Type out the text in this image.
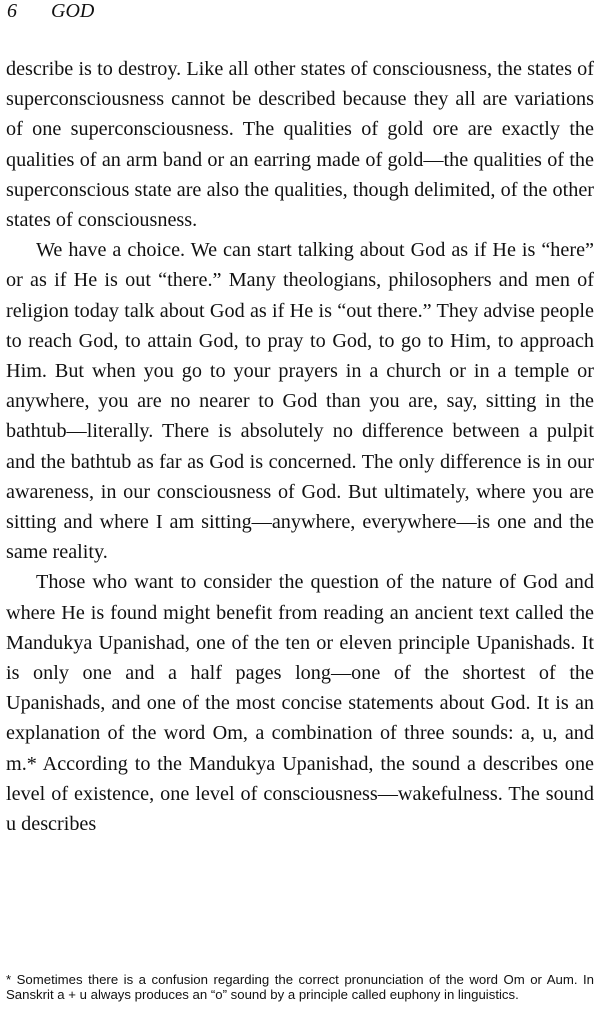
6 GOD

describe is to destroy. Like all other states of consciousness, the states of superconsciousness cannot be described because they all are variations of one superconsciousness. The qualities of gold ore are exactly the qualities of an arm band or an earring made of gold—the qualities of the superconscious state are also the qualities, though delimited, of the other states of consciousness.

We have a choice. We can start talking about God as if He is “here” or as if He is out “there.” Many theologians, philosophers and men of religion today talk about God as if He is “out there.” They advise people to reach God, to attain God, to pray to God, to go to Him, to approach Him. But when you go to your prayers in a church or in a temple or anywhere, you are no nearer to God than you are, say, sitting in the bathtub—literally. There is absolutely no difference between a pulpit and the bathtub as far as God is concerned. The only difference is in our awareness, in our consciousness of God. But ultimately, where you are sitting and where I am sitting—anywhere, everywhere—is one and the same reality.

Those who want to consider the question of the nature of God and where He is found might benefit from reading an ancient text called the Mandukya Upanishad, one of the ten or eleven principle Upanishads. It is only one and a half pages long—one of the shortest of the Upanishads, and one of the most concise statements about God. It is an explanation of the word Om, a combination of three sounds: a, u, and m.* According to the Mandukya Upanishad, the sound a describes one level of existence, one level of consciousness—wakefulness. The sound u describes

* Sometimes there is a confusion regarding the correct pronunciation of the word Om or Aum. In Sanskrit a + u always produces an “o” sound by a principle called euphony in linguistics.
